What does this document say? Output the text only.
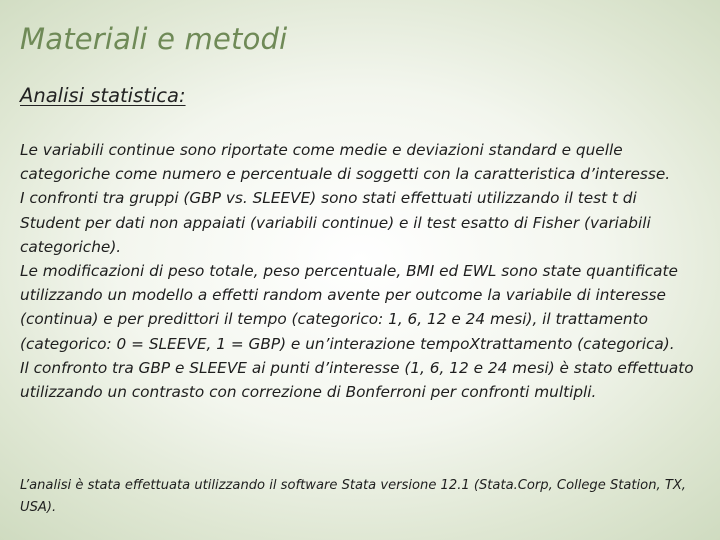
Materiali e metodi
Analisi statistica:

Le variabili continue sono riportate come medie e deviazioni standard e quelle categoriche come numero e percentuale di soggetti con la caratteristica d’interesse.

I confronti tra gruppi (GBP vs. SLEEVE) sono stati effettuati utilizzando il test t di Student per dati non appaiati (variabili continue) e il test esatto di Fisher (variabili categoriche).

Le modificazioni di peso totale, peso percentuale, BMI ed EWL sono state quantificate utilizzando un modello a effetti random avente per outcome la variabile di interesse (continua) e per predittori il tempo (categorico: 1, 6, 12 e 24 mesi), il trattamento (categorico: 0 = SLEEVE, 1 = GBP) e un’interazione tempoXtrattamento (categorica).

Il confronto tra GBP e SLEEVE ai punti d’interesse (1, 6, 12 e 24 mesi) è stato effettuato utilizzando un contrasto con correzione di Bonferroni per confronti multipli.

L’analisi è stata effettuata utilizzando il software Stata versione 12.1 (Stata.Corp, College Station, TX, USA).
